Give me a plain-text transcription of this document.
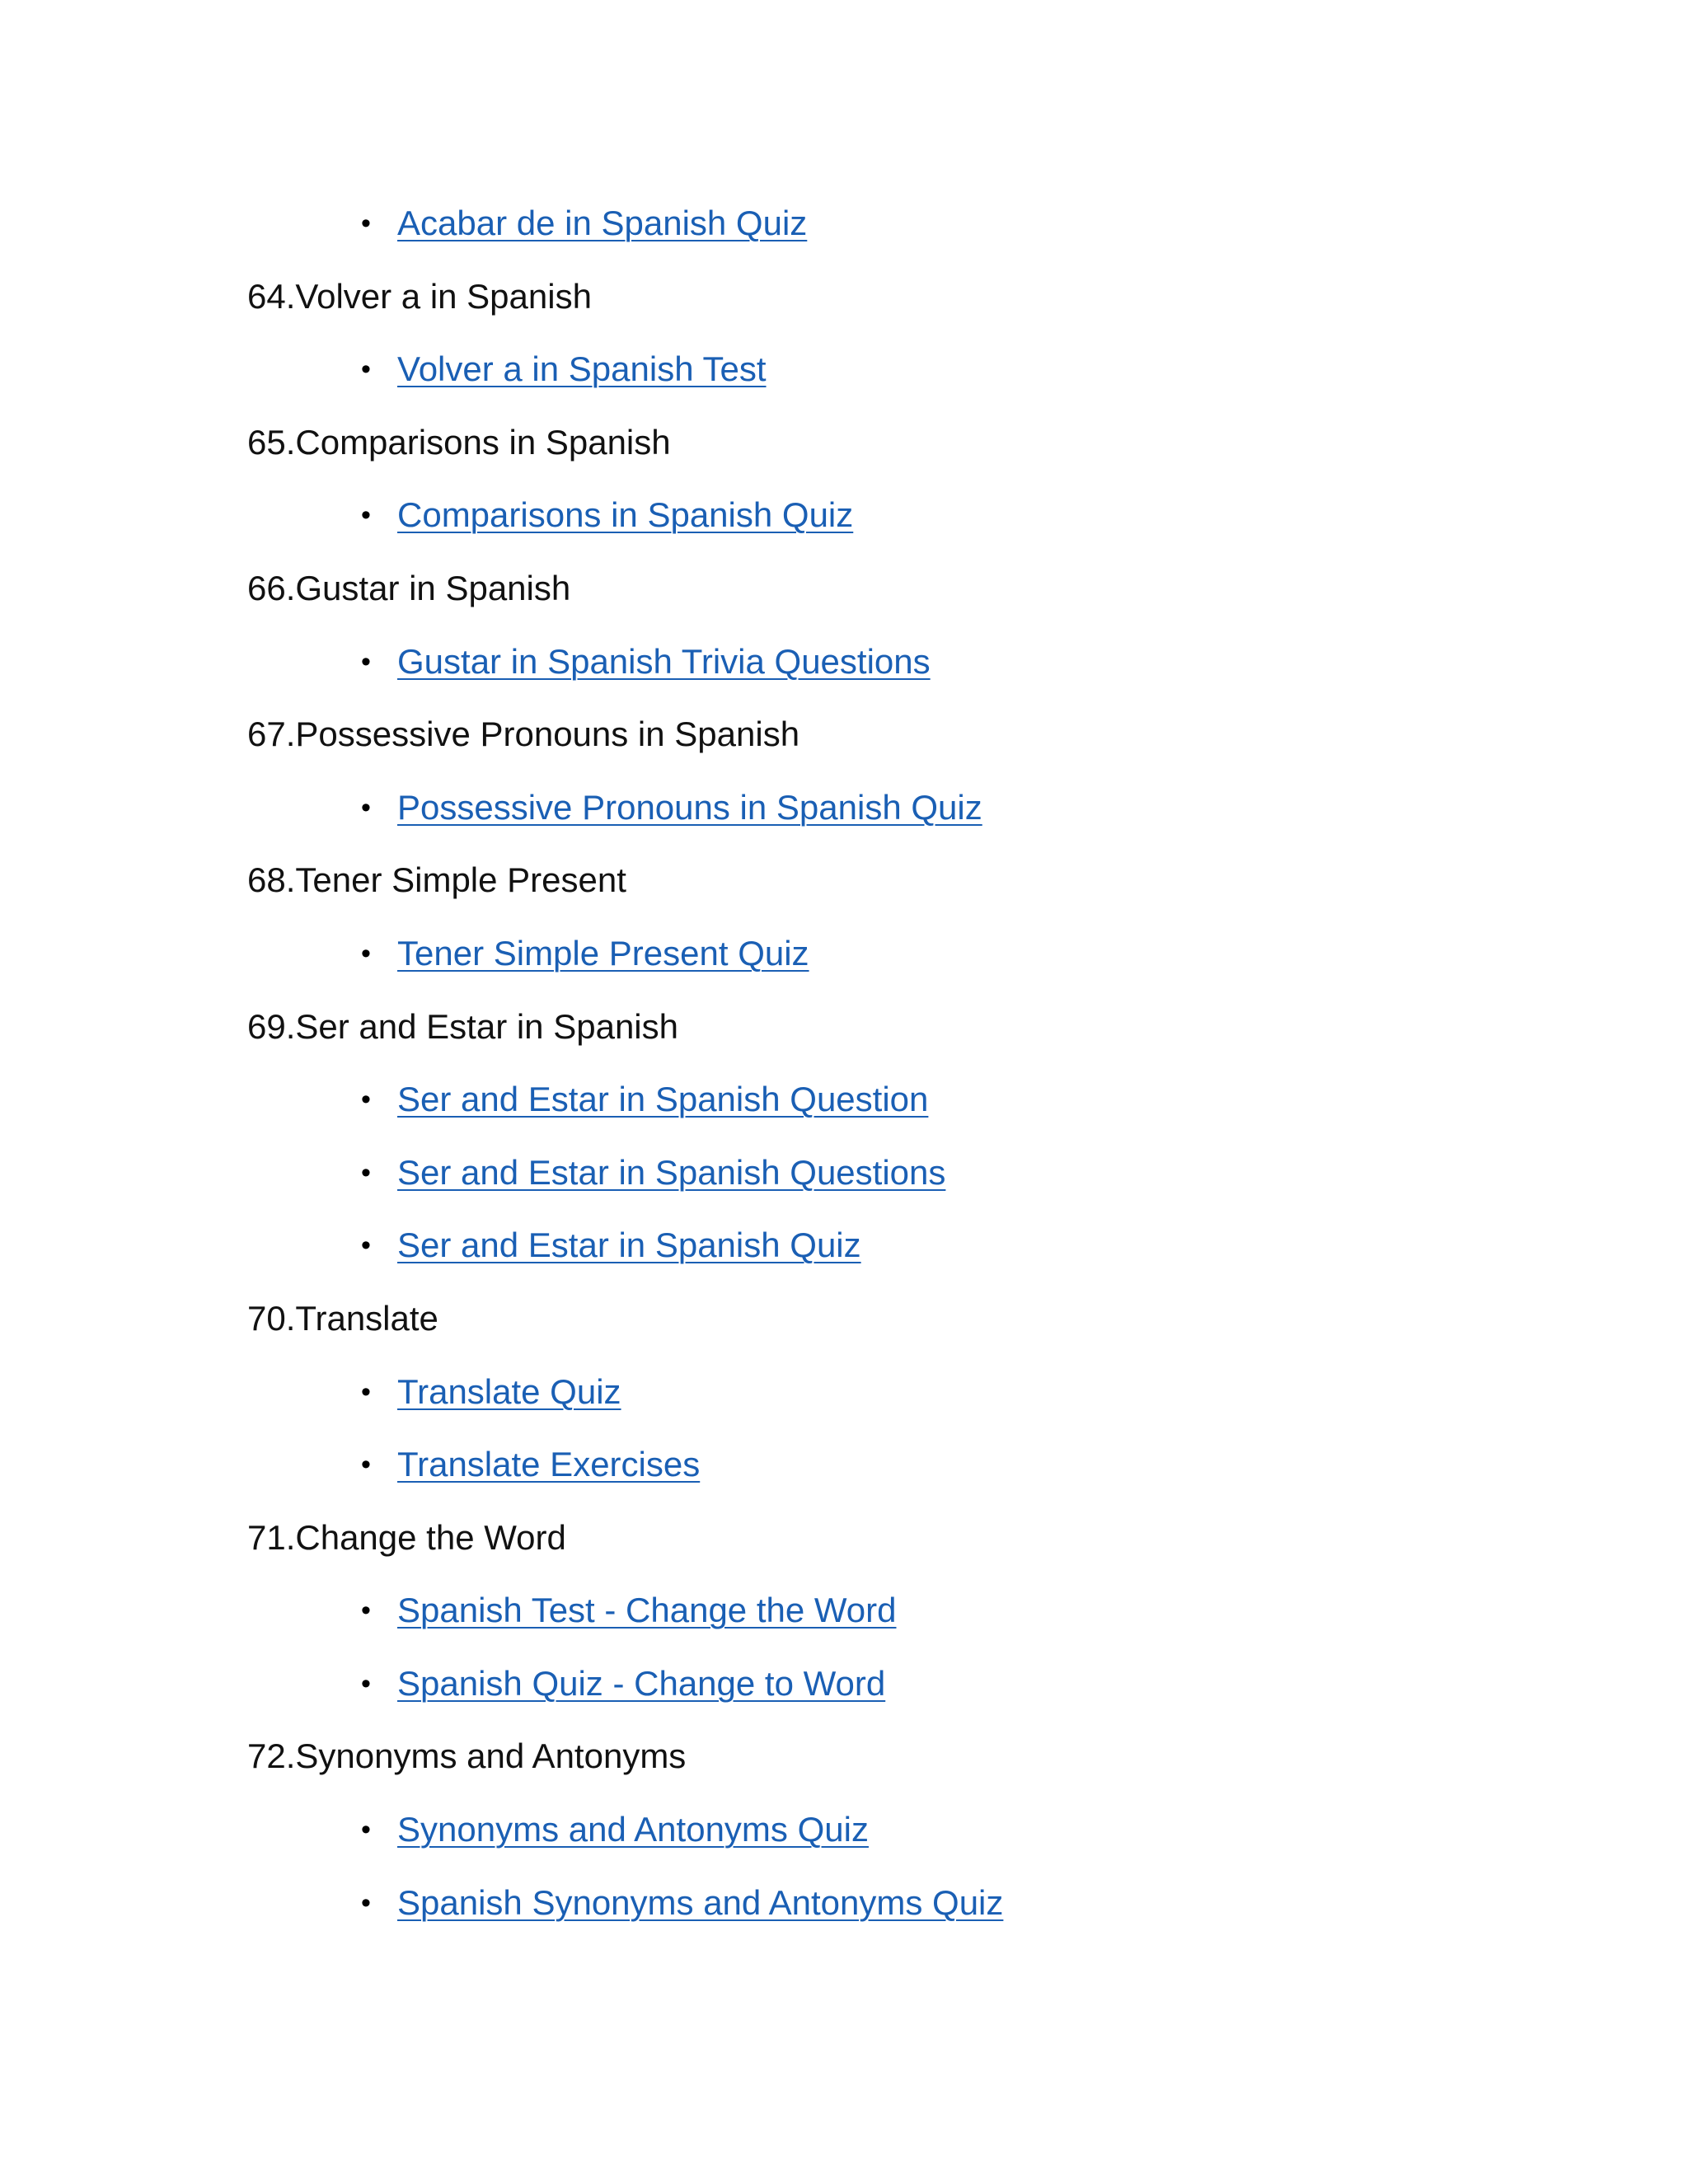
• Acabar de in Spanish Quiz
64.Volver a in Spanish
• Volver a in Spanish Test
65.Comparisons in Spanish
• Comparisons in Spanish Quiz
66.Gustar in Spanish
• Gustar in Spanish Trivia Questions
67.Possessive Pronouns in Spanish
• Possessive Pronouns in Spanish Quiz
68.Tener Simple Present
• Tener Simple Present Quiz
69.Ser and Estar in Spanish
• Ser and Estar in Spanish Question
• Ser and Estar in Spanish Questions
• Ser and Estar in Spanish Quiz
70.Translate
• Translate Quiz
• Translate Exercises
71.Change the Word
• Spanish Test - Change the Word
• Spanish Quiz - Change to Word
72.Synonyms and Antonyms
• Synonyms and Antonyms Quiz
• Spanish Synonyms and Antonyms Quiz
